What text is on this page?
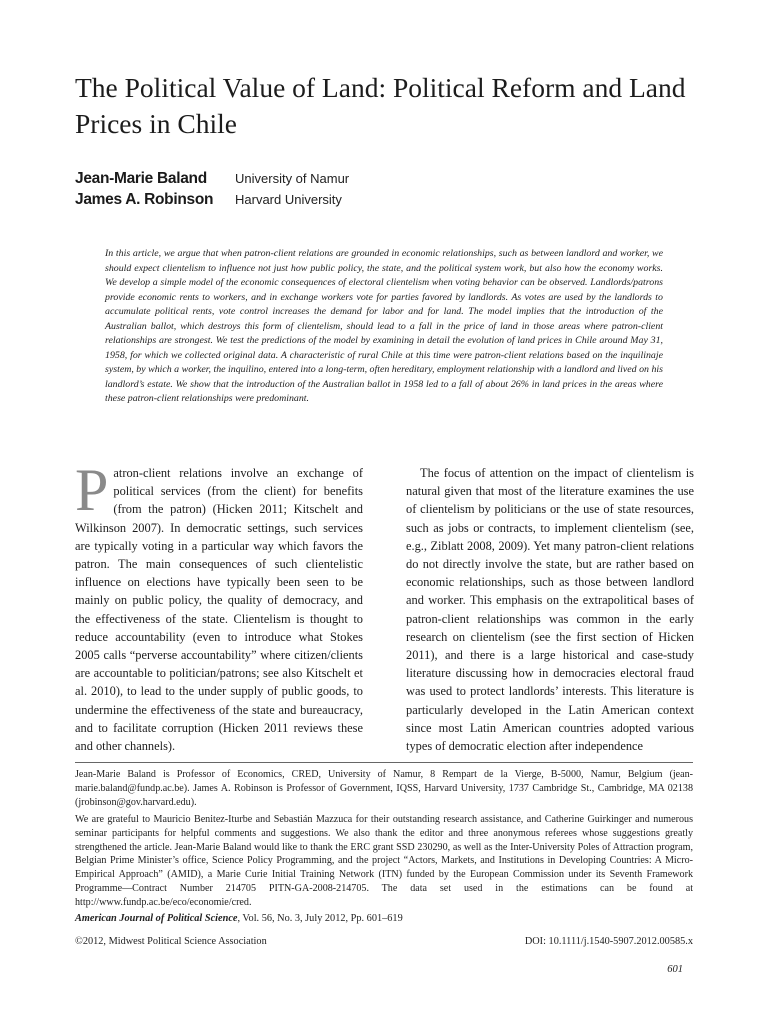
The Political Value of Land: Political Reform and Land Prices in Chile
Jean-Marie Baland	University of Namur
James A. Robinson	Harvard University

In this article, we argue that when patron-client relations are grounded in economic relationships, such as between landlord and worker, we should expect clientelism to influence not just how public policy, the state, and the political system work, but also how the economy works. We develop a simple model of the economic consequences of electoral clientelism when voting behavior can be observed. Landlords/patrons provide economic rents to workers, and in exchange workers vote for parties favored by landlords. As votes are used by the landlords to accumulate political rents, vote control increases the demand for labor and for land. The model implies that the introduction of the Australian ballot, which destroys this form of clientelism, should lead to a fall in the price of land in those areas where patron-client relationships are strongest. We test the predictions of the model by examining in detail the evolution of land prices in Chile around May 31, 1958, for which we collected original data. A characteristic of rural Chile at this time were patron-client relations based on the inquilinaje system, by which a worker, the inquilino, entered into a long-term, often hereditary, employment relationship with a landlord and lived on his landlord’s estate. We show that the introduction of the Australian ballot in 1958 led to a fall of about 26% in land prices in the areas where these patron-client relationships were predominant.

Patron-client relations involve an exchange of political services (from the client) for benefits (from the patron) (Hicken 2011; Kitschelt and Wilkinson 2007). In democratic settings, such services are typically voting in a particular way which favors the patron. The main consequences of such clientelistic influence on elections have typically been seen to be mainly on public policy, the quality of democracy, and the effectiveness of the state. Clientelism is thought to reduce accountability (even to introduce what Stokes 2005 calls “perverse accountability” where citizen/clients are accountable to politician/patrons; see also Kitschelt et al. 2010), to lead to the under supply of public goods, to undermine the effectiveness of the state and bureaucracy, and to facilitate corruption (Hicken 2011 reviews these and other channels).

The focus of attention on the impact of clientelism is natural given that most of the literature examines the use of clientelism by politicians or the use of state resources, such as jobs or contracts, to implement clientelism (see, e.g., Ziblatt 2008, 2009). Yet many patron-client relations do not directly involve the state, but are rather based on economic relationships, such as those between landlord and worker. This emphasis on the extrapolitical bases of patron-client relationships was common in the early research on clientelism (see the first section of Hicken 2011), and there is a large historical and case-study literature discussing how in democracies electoral fraud was used to protect landlords’ interests. This literature is particularly developed in the Latin American context since most Latin American countries adopted various types of democratic election after independence

Jean-Marie Baland is Professor of Economics, CRED, University of Namur, 8 Rempart de la Vierge, B-5000, Namur, Belgium (jean-marie.baland@fundp.ac.be). James A. Robinson is Professor of Government, IQSS, Harvard University, 1737 Cambridge St., Cambridge, MA 02138 (jrobinson@gov.harvard.edu).

We are grateful to Mauricio Benitez-Iturbe and Sebastián Mazzuca for their outstanding research assistance, and Catherine Guirkinger and numerous seminar participants for helpful comments and suggestions. We also thank the editor and three anonymous referees whose suggestions greatly strengthened the article. Jean-Marie Baland would like to thank the ERC grant SSD 230290, as well as the Inter-University Poles of Attraction program, Belgian Prime Minister’s office, Science Policy Programming, and the project “Actors, Markets, and Institutions in Developing Countries: A Micro-Empirical Approach” (AMID), a Marie Curie Initial Training Network (ITN) funded by the European Commission under its Seventh Framework Programme—Contract Number 214705 PITN-GA-2008-214705. The data set used in the estimations can be found at http://www.fundp.ac.be/eco/economie/cred.

American Journal of Political Science, Vol. 56, No. 3, July 2012, Pp. 601–619
©2012, Midwest Political Science Association	DOI: 10.1111/j.1540-5907.2012.00585.x
601
